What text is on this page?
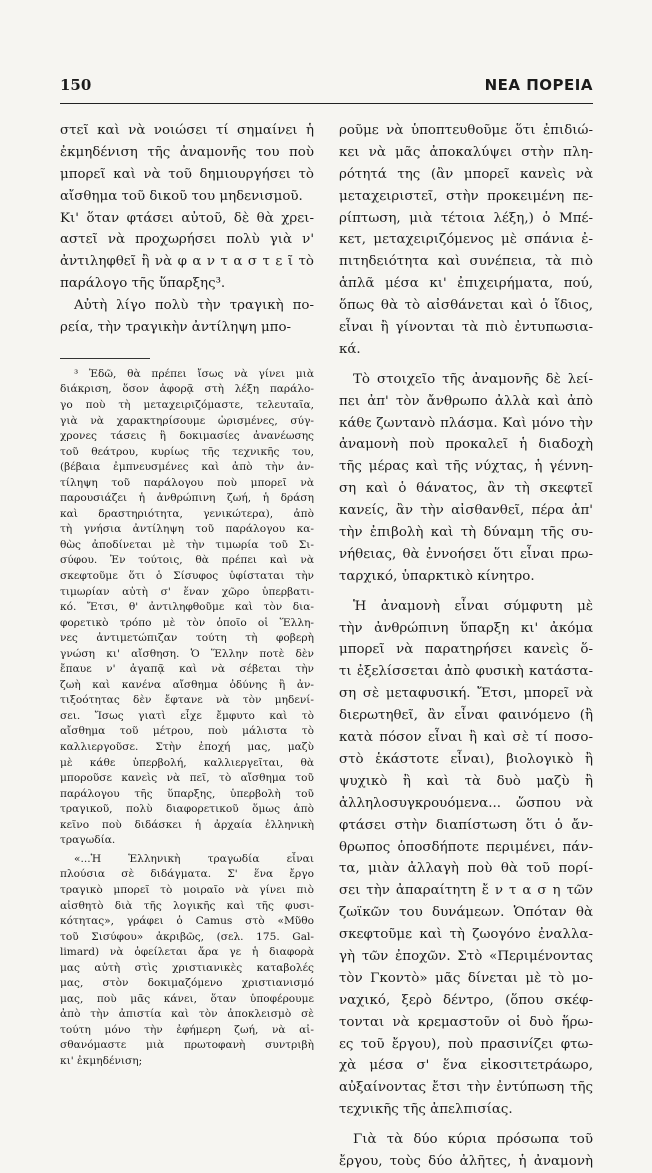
150	ΝΕΑ ΠΟΡΕΙΑ
στεῖ καὶ νὰ νοιώσει τί σημαίνει ἡ
ἐκμηδένιση τῆς ἀναμονῆς του ποὺ
μπορεῖ καὶ νὰ τοῦ δημιουργήσει τὸ
αἴσθημα τοῦ δικοῦ του μηδενισμοῦ.
Κι' ὅταν φτάσει αὐτοῦ, δὲ θὰ χρει-
αστεῖ νὰ προχωρήσει πολὺ γιὰ ν'
ἀντιληφθεῖ ἢ νὰ φ α ν τ α σ τ ε ῖ τὸ
παράλογο τῆς ὕπαρξης³.
Αὐτὴ λίγο πολὺ τὴν τραγικὴ πο-
ρεία, τὴν τραγικὴν ἀντίληψη μπο-
³ Ἐδῶ, θὰ πρέπει ἴσως νὰ γίνει μιὰ
διάκριση, ὅσον ἀφορᾷ στὴ λέξη παράλο-
γο ποὺ τὴ μεταχειριζόμαστε, τελευταῖα,
γιὰ νὰ χαρακτηρίσουμε ὡρισμένες, σύγ-
χρονες τάσεις ἢ δοκιμασίες ἀνανέωσης
τοῦ θεάτρου, κυρίως τῆς τεχνικῆς του,
(βέβαια ἐμπνευσμένες καὶ ἀπὸ τὴν ἀν-
τίληψη τοῦ παράλογου ποὺ μπορεῖ νὰ
παρουσιάζει ἡ ἀνθρώπινη ζωή, ἡ δράση
καὶ δραστηριότητα, γενικώτερα), ἀπὸ
τὴ γνήσια ἀντίληψη τοῦ παράλογου κα-
θὼς ἀποδίνεται μὲ τὴν τιμωρία τοῦ Σι-
σύφου. Ἐν τούτοις, θὰ πρέπει καὶ νὰ
σκεφτοῦμε ὅτι ὁ Σίσυφος ὑφίσταται τὴν
τιμωρίαν αὐτὴ σ' ἕναν χῶρο ὑπερβατι-
κό. Ἔτσι, θ' ἀντιληφθοῦμε καὶ τὸν δια-
φορετικὸ τρόπο μὲ τὸν ὁποῖο οἱ Ἕλλη-
νες ἀντιμετώπιζαν τούτη τὴ φοβερὴ
γνώση κι' αἴσθηση. Ὁ Ἕλλην ποτὲ δὲν
ἔπαυε ν' ἀγαπᾷ καὶ νὰ σέβεται τὴν
ζωὴ καὶ κανένα αἴσθημα ὀδύνης ἢ ἀν-
τιξοότητας δὲν ἔφτανε νὰ τὸν μηδενί-
σει. Ἴσως γιατὶ εἶχε ἔμφυτο καὶ τὸ
αἴσθημα τοῦ μέτρου, ποὺ μάλιστα τὸ
καλλιεργοῦσε. Στὴν ἐποχή μας, μαζὺ
μὲ κάθε ὑπερβολή, καλλιεργεῖται, θὰ
μποροῦσε κανεὶς νὰ πεῖ, τὸ αἴσθημα τοῦ
παράλογου τῆς ὕπαρξης, ὑπερβολὴ τοῦ
τραγικοῦ, πολὺ διαφορετικοῦ ὅμως ἀπὸ
κεῖνο ποὺ διδάσκει ἡ ἀρχαία ἑλληνικὴ
τραγωδία.
«...Ἡ Ἑλληνικὴ τραγωδία εἶναι
πλούσια σὲ διδάγματα. Σ' ἕνα ἔργο
τραγικὸ μπορεῖ τὸ μοιραῖο νὰ γίνει πιὸ
αἰσθητὸ διὰ τῆς λογικῆς καὶ τῆς φυσι-
κότητας», γράφει ὁ Camus στὸ «Μῦθο
τοῦ Σισύφου» ἀκριβῶς, (σελ. 175. Gal-
limard) νὰ ὀφείλεται ἄρα γε ἡ διαφορὰ
μας αὐτὴ στὶς χριστιανικὲς καταβολές
μας, στὸν δοκιμαζόμενο χριστιανισμό
μας, ποὺ μᾶς κάνει, ὅταν ὑποφέρουμε
ἀπὸ τὴν ἀπιστία καὶ τὸν ἀποκλεισμὸ σὲ
τούτη μόνο τὴν ἐφήμερη ζωή, νὰ αἰ-
σθανόμαστε μιὰ πρωτοφανὴ συντριβὴ
κι' ἐκμηδένιση;
ροῦμε νὰ ὑποπτευθοῦμε ὅτι ἐπιδιώ-
κει νὰ μᾶς ἀποκαλύψει στὴν πλη-
ρότητά της (ἂν μπορεῖ κανεὶς νὰ
μεταχειριστεῖ, στὴν προκειμένη πε-
ρίπτωση, μιὰ τέτοια λέξη,) ὁ Μπέ-
κετ, μεταχειριζόμενος μὲ σπάνια ἐ-
πιτηδειότητα καὶ συνέπεια, τὰ πιὸ
ἁπλᾶ μέσα κι' ἐπιχειρήματα, πού,
ὅπως θὰ τὸ αἰσθάνεται καὶ ὁ ἴδιος,
εἶναι ἢ γίνονται τὰ πιὸ ἐντυπωσια-
κά.
Τὸ στοιχεῖο τῆς ἀναμονῆς δὲ λεί-
πει ἀπ' τὸν ἄνθρωπο ἀλλὰ καὶ ἀπὸ
κάθε ζωντανὸ πλάσμα. Καὶ μόνο τὴν
ἀναμονὴ ποὺ προκαλεῖ ἡ διαδοχὴ
τῆς μέρας καὶ τῆς νύχτας, ἡ γέννη-
ση καὶ ὁ θάνατος, ἂν τὴ σκεφτεῖ
κανείς, ἂν τὴν αἰσθανθεῖ, πέρα ἀπ'
τὴν ἐπιβολὴ καὶ τὴ δύναμη τῆς συ-
νήθειας, θὰ ἐννοήσει ὅτι εἶναι πρω-
ταρχικό, ὑπαρκτικὸ κίνητρο.
Ἡ ἀναμονὴ εἶναι σύμφυτη μὲ
τὴν ἀνθρώπινη ὕπαρξη κι' ἀκόμα
μπορεῖ νὰ παρατηρήσει κανεὶς ὅ-
τι ἐξελίσσεται ἀπὸ φυσικὴ κατάστα-
ση σὲ μεταφυσική. Ἔτσι, μπορεῖ νὰ
διερωτηθεῖ, ἂν εἶναι φαινόμενο (ἢ
κατὰ πόσον εἶναι ἢ καὶ σὲ τί ποσο-
στὸ ἑκάστοτε εἶναι), βιολογικὸ ἢ
ψυχικὸ ἢ καὶ τὰ δυὸ μαζὺ ἢ
ἀλληλοσυγκρουόμενα... ὥσπου νὰ
φτάσει στὴν διαπίστωση ὅτι ὁ ἄν-
θρωπος ὁποσδήποτε περιμένει, πάν-
τα, μιὰν ἀλλαγὴ ποὺ θὰ τοῦ πορί-
σει τὴν ἀπαραίτητη ἔ ν τ α σ η τῶν
ζωϊκῶν του δυνάμεων. Ὁπόταν θὰ
σκεφτοῦμε καὶ τὴ ζωογόνο ἐναλλα-
γὴ τῶν ἐποχῶν. Στὸ «Περιμένοντας
τὸν Γκοντὸ» μᾶς δίνεται μὲ τὸ μο-
ναχικό, ξερὸ δέντρο, (ὅπου σκέφ-
τονται νὰ κρεμαστοῦν οἱ δυὸ ἥρω-
ες τοῦ ἔργου), ποὺ πρασινίζει φτω-
χὰ μέσα σ' ἕνα εἰκοσιτετράωρο,
αὐξαίνοντας ἔτσι τὴν ἐντύπωση τῆς
τεχνικῆς τῆς ἀπελπισίας.
Γιὰ τὰ δύο κύρια πρόσωπα τοῦ
ἔργου, τοὺς δύο ἀλῆτες, ἡ ἀναμονὴ
